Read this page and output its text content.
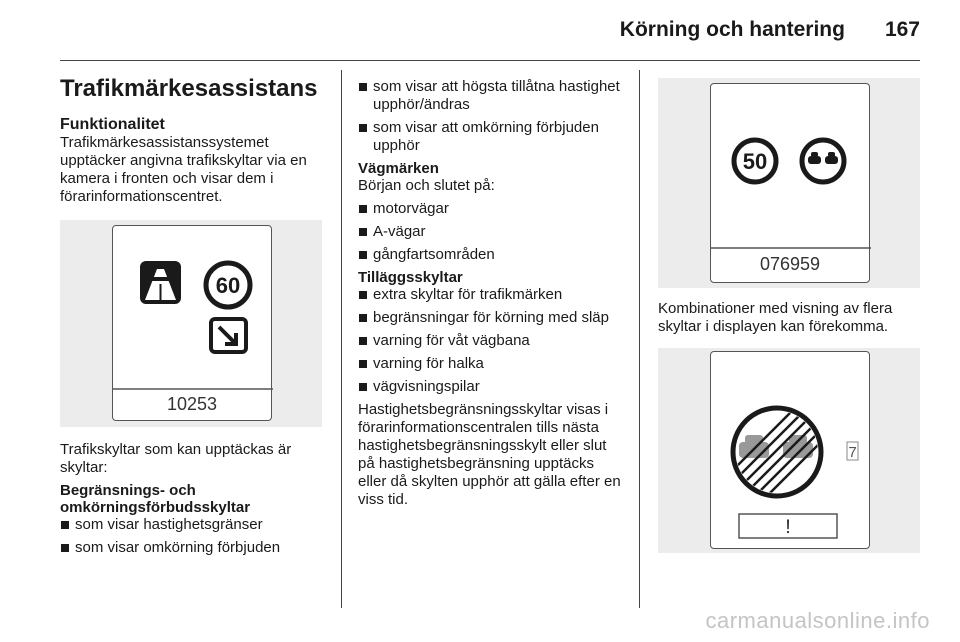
Körning och hantering 167
Trafikmärkesassistans
Funktionalitet

Trafikmärkesassistanssystemet upptäcker angivna trafikskyltar via en kamera i fronten och visar dem i förarinformationscentret.

60
10253

Trafikskyltar som kan upptäckas är skyltar:

Begränsnings- och omkörningsförbudsskyltar
som visar hastighetsgränser
som visar omkörning förbjuden
som visar att högsta tillåtna hastighet upphör/ändras
som visar att omkörning förbjuden upphör
Vägmärken

Början och slutet på:

motorvägar
A-vägar
gångfartsområden
Tilläggsskyltar
extra skyltar för trafikmärken
begränsningar för körning med släp
varning för våt vägbana
varning för halka
vägvisningspilar

Hastighetsbegränsningsskyltar visas i förarinformationscentralen tills nästa hastighetsbegränsningsskylt eller slut på hastighetsbegränsning upptäcks eller då skylten upphör att gälla efter en viss tid.

50
076959

Kombinationer med visning av flera skyltar i displayen kan förekomma.

7
!
carmanualsonline.info
